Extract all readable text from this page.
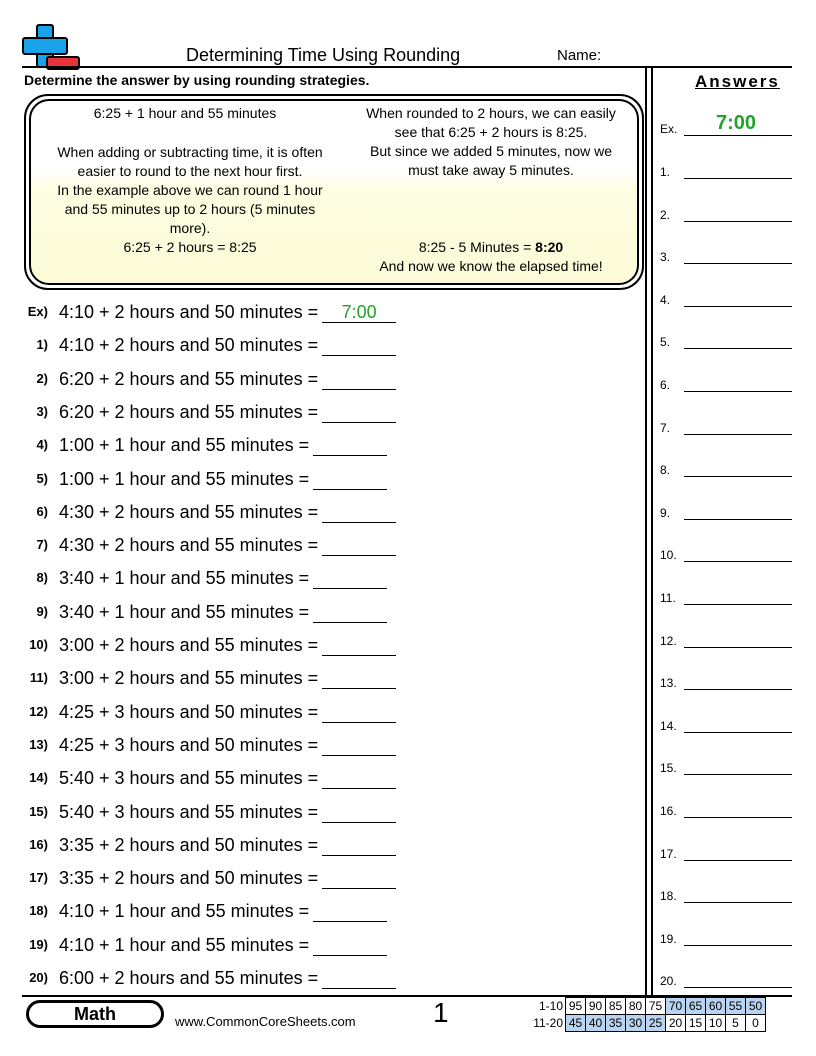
Determining Time Using Rounding	Name:
Determine the answer by using rounding strategies.
6:25 + 1 hour and 55 minutes
When adding or subtracting time, it is often
easier to round to the next hour first.
In the example above we can round 1 hour
and 55 minutes up to 2 hours (5 minutes
more).
6:25 + 2 hours = 8:25
When rounded to 2 hours, we can easily
see that 6:25 + 2 hours is 8:25.
But since we added 5 minutes, now we
must take away 5 minutes.
8:25 - 5 Minutes = 8:20
And now we know the elapsed time!
Ex) 4:10 + 2 hours and 50 minutes = 7:00
1) 4:10 + 2 hours and 50 minutes =
2) 6:20 + 2 hours and 55 minutes =
3) 6:20 + 2 hours and 55 minutes =
4) 1:00 + 1 hour and 55 minutes =
5) 1:00 + 1 hour and 55 minutes =
6) 4:30 + 2 hours and 55 minutes =
7) 4:30 + 2 hours and 55 minutes =
8) 3:40 + 1 hour and 55 minutes =
9) 3:40 + 1 hour and 55 minutes =
10) 3:00 + 2 hours and 55 minutes =
11) 3:00 + 2 hours and 55 minutes =
12) 4:25 + 3 hours and 50 minutes =
13) 4:25 + 3 hours and 50 minutes =
14) 5:40 + 3 hours and 55 minutes =
15) 5:40 + 3 hours and 55 minutes =
16) 3:35 + 2 hours and 50 minutes =
17) 3:35 + 2 hours and 50 minutes =
18) 4:10 + 1 hour and 55 minutes =
19) 4:10 + 1 hour and 55 minutes =
20) 6:00 + 2 hours and 55 minutes =
Answers
Ex. 7:00
1.
2.
3.
4.
5.
6.
7.
8.
9.
10.
11.
12.
13.
14.
15.
16.
17.
18.
19.
20.
Math	www.CommonCoreSheets.com	1	1-10	95	90	85	80	75	70	65	60	55	50
11-20	45	40	35	30	25	20	15	10	5	0
